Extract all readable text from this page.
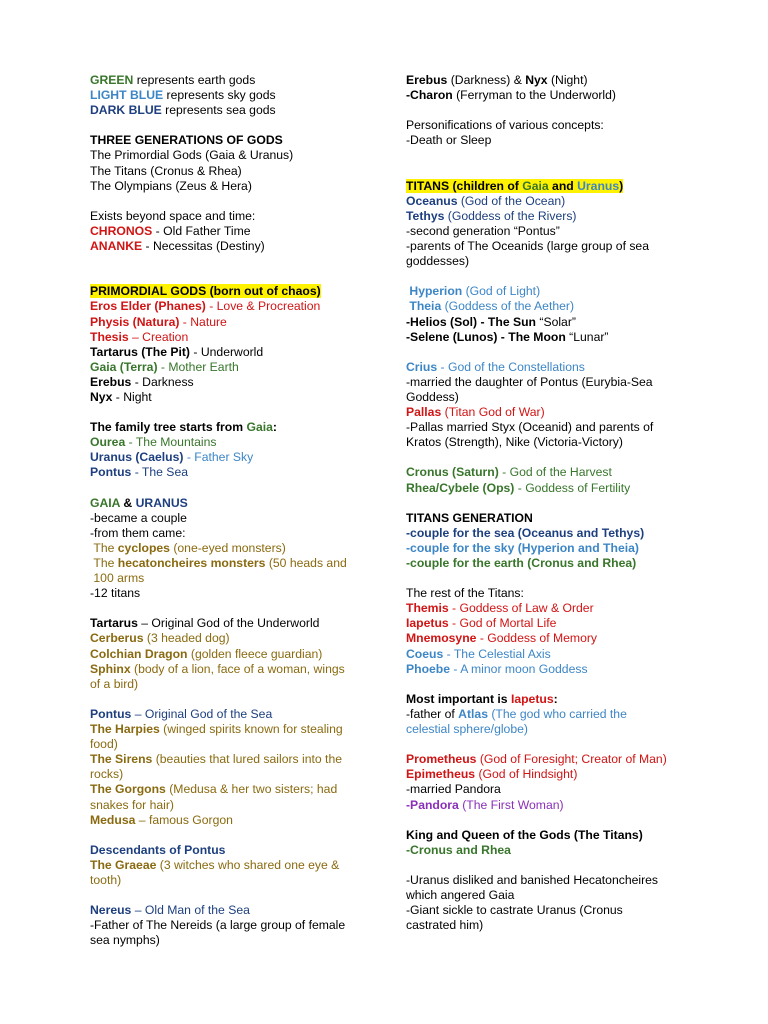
GREEN represents earth gods
LIGHT BLUE represents sky gods
DARK BLUE represents sea gods
THREE GENERATIONS OF GODS
The Primordial Gods (Gaia & Uranus)
The Titans (Cronus & Rhea)
The Olympians (Zeus & Hera)
Exists beyond space and time:
CHRONOS - Old Father Time
ANANKE - Necessitas (Destiny)
PRIMORDIAL GODS (born out of chaos)
Eros Elder (Phanes) - Love & Procreation
Physis (Natura) - Nature
Thesis – Creation
Tartarus (The Pit) - Underworld
Gaia (Terra) - Mother Earth
Erebus - Darkness
Nyx - Night
The family tree starts from Gaia:
Ourea - The Mountains
Uranus (Caelus) - Father Sky
Pontus - The Sea
GAIA & URANUS
-became a couple
-from them came:
The cyclopes (one-eyed monsters)
The hecatoncheires monsters (50 heads and
100 arms
-12 titans
Tartarus – Original God of the Underworld
Cerberus (3 headed dog)
Colchian Dragon (golden fleece guardian)
Sphinx (body of a lion, face of a woman, wings
of a bird)
Pontus – Original God of the Sea
The Harpies (winged spirits known for stealing
food)
The Sirens (beauties that lured sailors into the
rocks)
The Gorgons (Medusa & her two sisters; had
snakes for hair)
Medusa – famous Gorgon
Descendants of Pontus
The Graeae (3 witches who shared one eye &
tooth)
Nereus – Old Man of the Sea
-Father of The Nereids (a large group of female
sea nymphs)
Erebus (Darkness) & Nyx (Night)
-Charon (Ferryman to the Underworld)
Personifications of various concepts:
-Death or Sleep
TITANS (children of Gaia and Uranus)
Oceanus (God of the Ocean)
Tethys (Goddess of the Rivers)
-second generation “Pontus”
-parents of The Oceanids (large group of sea
goddesses)
Hyperion (God of Light)
Theia (Goddess of the Aether)
-Helios (Sol) - The Sun “Solar”
-Selene (Lunos) - The Moon “Lunar”
Crius - God of the Constellations
-married the daughter of Pontus (Eurybia-Sea
Goddess)
Pallas (Titan God of War)
-Pallas married Styx (Oceanid) and parents of
Kratos (Strength), Nike (Victoria-Victory)
Cronus (Saturn) - God of the Harvest
Rhea/Cybele (Ops) - Goddess of Fertility
TITANS GENERATION
-couple for the sea (Oceanus and Tethys)
-couple for the sky (Hyperion and Theia)
-couple for the earth (Cronus and Rhea)
The rest of the Titans:
Themis - Goddess of Law & Order
Iapetus - God of Mortal Life
Mnemosyne - Goddess of Memory
Coeus - The Celestial Axis
Phoebe - A minor moon Goddess
Most important is Iapetus:
-father of Atlas (The god who carried the
celestial sphere/globe)
Prometheus (God of Foresight; Creator of Man)
Epimetheus (God of Hindsight)
-married Pandora
-Pandora (The First Woman)
King and Queen of the Gods (The Titans)
-Cronus and Rhea
-Uranus disliked and banished Hecatoncheires
which angered Gaia
-Giant sickle to castrate Uranus (Cronus
castrated him)
